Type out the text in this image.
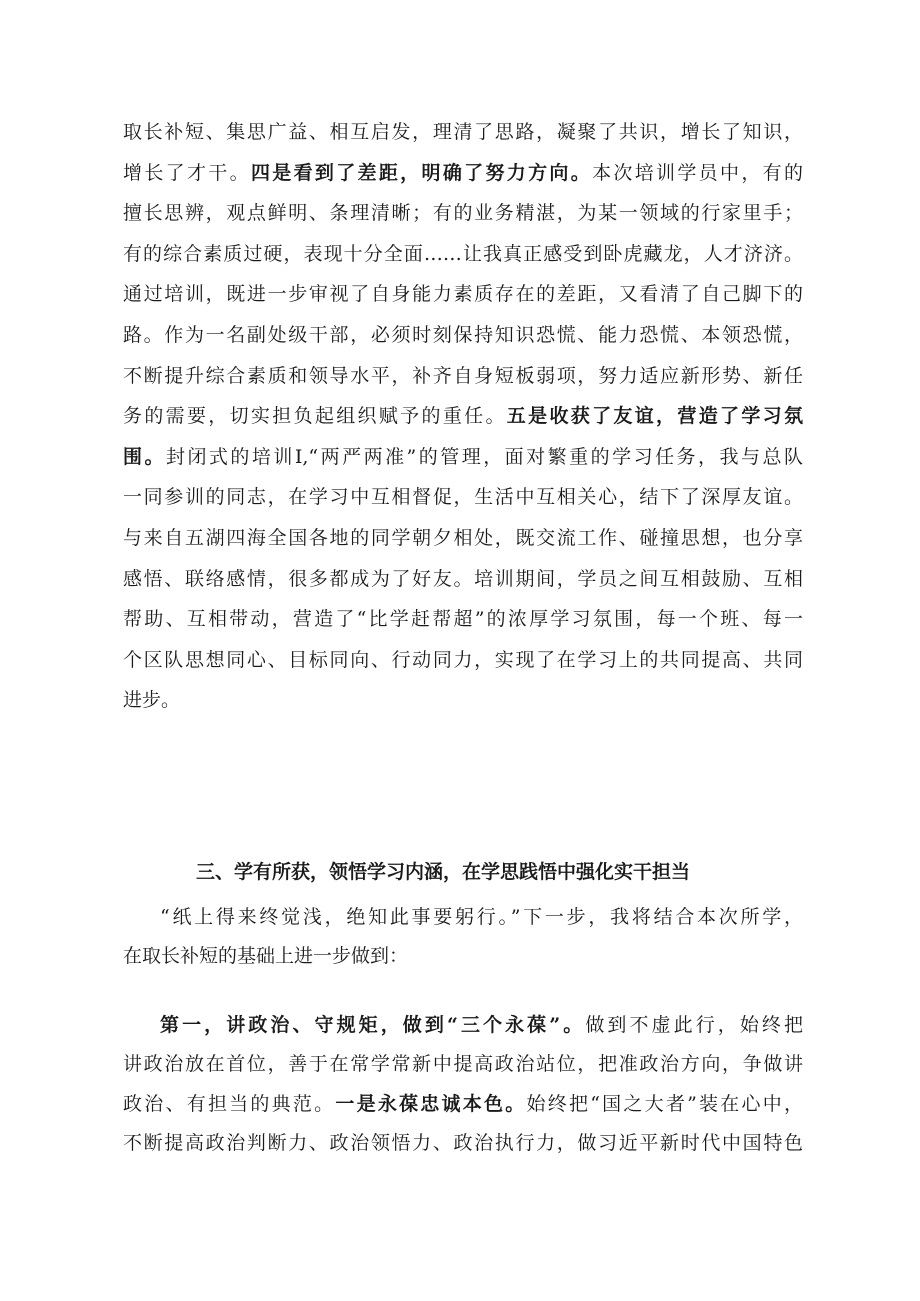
取长补短、集思广益、相互启发，理清了思路，凝聚了共识，增长了知识，
增长了才干。四是看到了差距，明确了努力方向。本次培训学员中，有的
擅长思辨，观点鲜明、条理清晰；有的业务精湛，为某一领域的行家里手；
有的综合素质过硬，表现十分全面……让我真正感受到卧虎藏龙，人才济济。
通过培训，既进一步审视了自身能力素质存在的差距，又看清了自己脚下的
路。作为一名副处级干部，必须时刻保持知识恐慌、能力恐慌、本领恐慌，
不断提升综合素质和领导水平，补齐自身短板弱项，努力适应新形势、新任
务的需要，切实担负起组织赋予的重任。五是收获了友谊，营造了学习氛
围。封闭式的培训I,“两严两准”的管理，面对繁重的学习任务，我与总队
一同参训的同志，在学习中互相督促，生活中互相关心，结下了深厚友谊。
与来自五湖四海全国各地的同学朝夕相处，既交流工作、碰撞思想，也分享
感悟、联络感情，很多都成为了好友。培训期间，学员之间互相鼓励、互相
帮助、互相带动，营造了“比学赶帮超”的浓厚学习氛围，每一个班、每一
个区队思想同心、目标同向、行动同力，实现了在学习上的共同提高、共同
进步。
三、学有所获，领悟学习内涵，在学思践悟中强化实干担当
“纸上得来终觉浅，绝知此事要躬行。”下一步，我将结合本次所学，
在取长补短的基础上进一步做到：
第一，讲政治、守规矩，做到“三个永葆”。做到不虚此行，始终把
讲政治放在首位，善于在常学常新中提高政治站位，把准政治方向，争做讲
政治、有担当的典范。一是永葆忠诚本色。始终把“国之大者”装在心中，
不断提高政治判断力、政治领悟力、政治执行力，做习近平新时代中国特色
